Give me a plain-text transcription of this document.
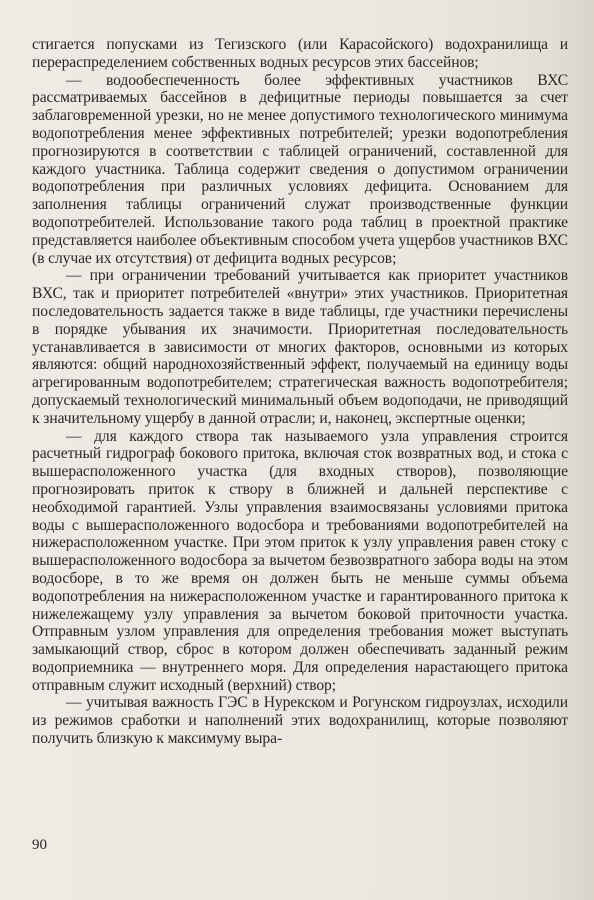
стигается попусками из Тегизского (или Карасойского) водохранилища и перераспределением собственных водных ресурсов этих бассейнов;

— водообеспеченность более эффективных участников ВХС рассматриваемых бассейнов в дефицитные периоды повышается за счет заблаговременной урезки, но не менее допустимого технологического минимума водопотребления менее эффективных потребителей; урезки водопотребления прогнозируются в соответствии с таблицей ограничений, составленной для каждого участника. Таблица содержит сведения о допустимом ограничении водопотребления при различных условиях дефицита. Основанием для заполнения таблицы ограничений служат производственные функции водопотребителей. Использование такого рода таблиц в проектной практике представляется наиболее объективным способом учета ущербов участников ВХС (в случае их отсутствия) от дефицита водных ресурсов;

— при ограничении требований учитывается как приоритет участников ВХС, так и приоритет потребителей «внутри» этих участников. Приоритетная последовательность задается также в виде таблицы, где участники перечислены в порядке убывания их значимости. Приоритетная последовательность устанавливается в зависимости от многих факторов, основными из которых являются: общий народнохозяйственный эффект, получаемый на единицу воды агрегированным водопотребителем; стратегическая важность водопотребителя; допускаемый технологический минимальный объем водоподачи, не приводящий к значительному ущербу в данной отрасли; и, наконец, экспертные оценки;

— для каждого створа так называемого узла управления строится расчетный гидрограф бокового притока, включая сток возвратных вод, и стока с вышерасположенного участка (для входных створов), позволяющие прогнозировать приток к створу в ближней и дальней перспективе с необходимой гарантией. Узлы управления взаимосвязаны условиями притока воды с вышерасположенного водосбора и требованиями водопотребителей на нижерасположенном участке. При этом приток к узлу управления равен стоку с вышерасположенного водосбора за вычетом безвозвратного забора воды на этом водосборе, в то же время он должен быть не меньше суммы объема водопотребления на нижерасположенном участке и гарантированного притока к нижележащему узлу управления за вычетом боковой приточности участка. Отправным узлом управления для определения требования может выступать замыкающий створ, сброс в котором должен обеспечивать заданный режим водоприемника — внутреннего моря. Для определения нарастающего притока отправным служит исходный (верхний) створ;

— учитывая важность ГЭС в Нурекском и Рогунском гидроузлах, исходили из режимов сработки и наполнений этих водохранилищ, которые позволяют получить близкую к максимуму выра-

90
